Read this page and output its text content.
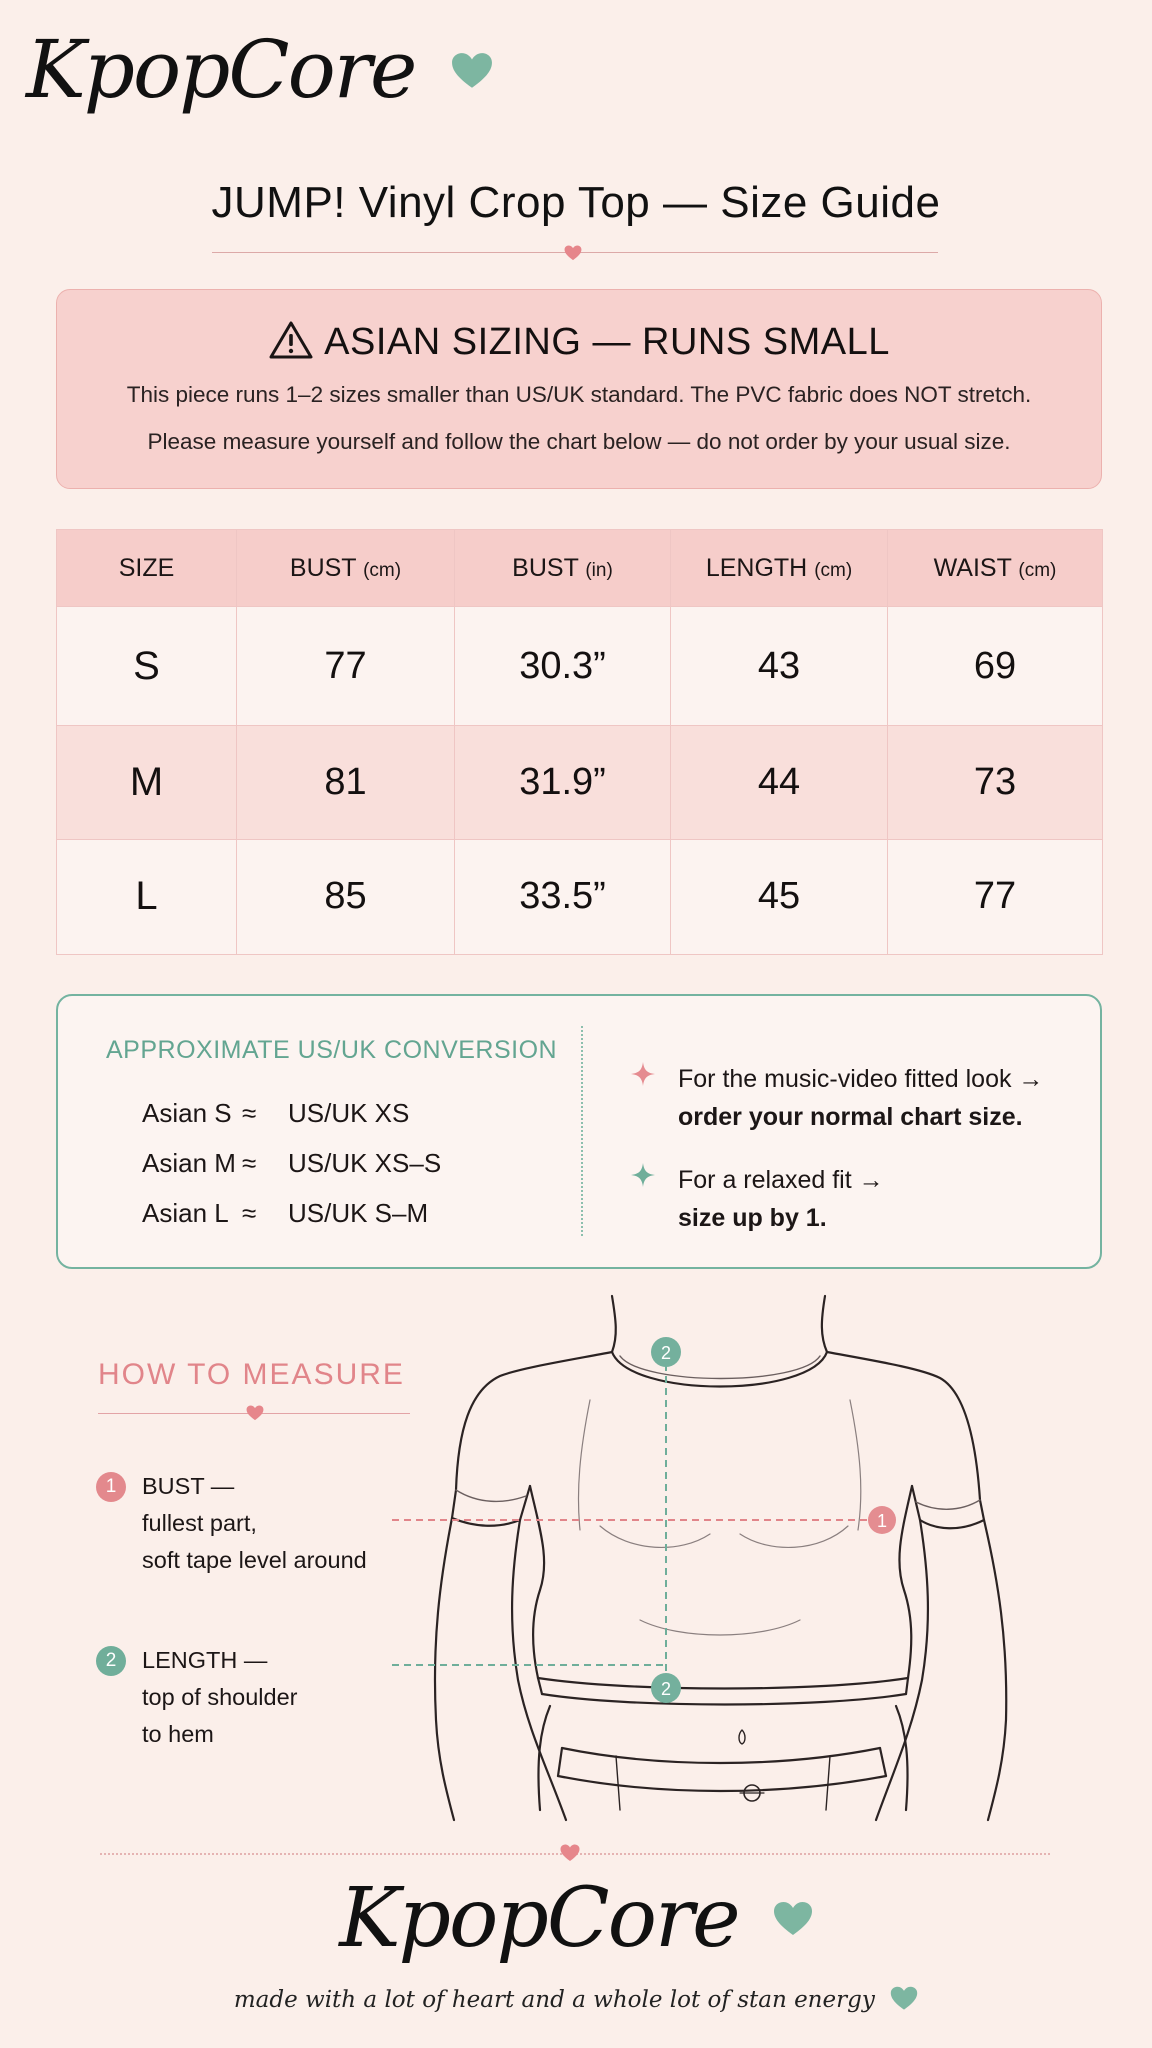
KpopCore
JUMP! Vinyl Crop Top — Size Guide
ASIAN SIZING — RUNS SMALL
This piece runs 1–2 sizes smaller than US/UK standard. The PVC fabric does NOT stretch.
Please measure yourself and follow the chart below — do not order by your usual size.
SIZE	BUST (cm)	BUST (in)	LENGTH (cm)	WAIST (cm)
S	77	30.3”	43	69
M	81	31.9”	44	73
L	85	33.5”	45	77
APPROXIMATE US/UK CONVERSION
Asian S ≈ US/UK XS
Asian M ≈ US/UK XS–S
Asian L ≈ US/UK S–M
For the music-video fitted look →
order your normal chart size.
For a relaxed fit →
size up by 1.
HOW TO MEASURE
1	BUST —
fullest part,
soft tape level around
2	LENGTH —
top of shoulder
to hem
1
2
2
KpopCore
made with a lot of heart and a whole lot of stan energy
